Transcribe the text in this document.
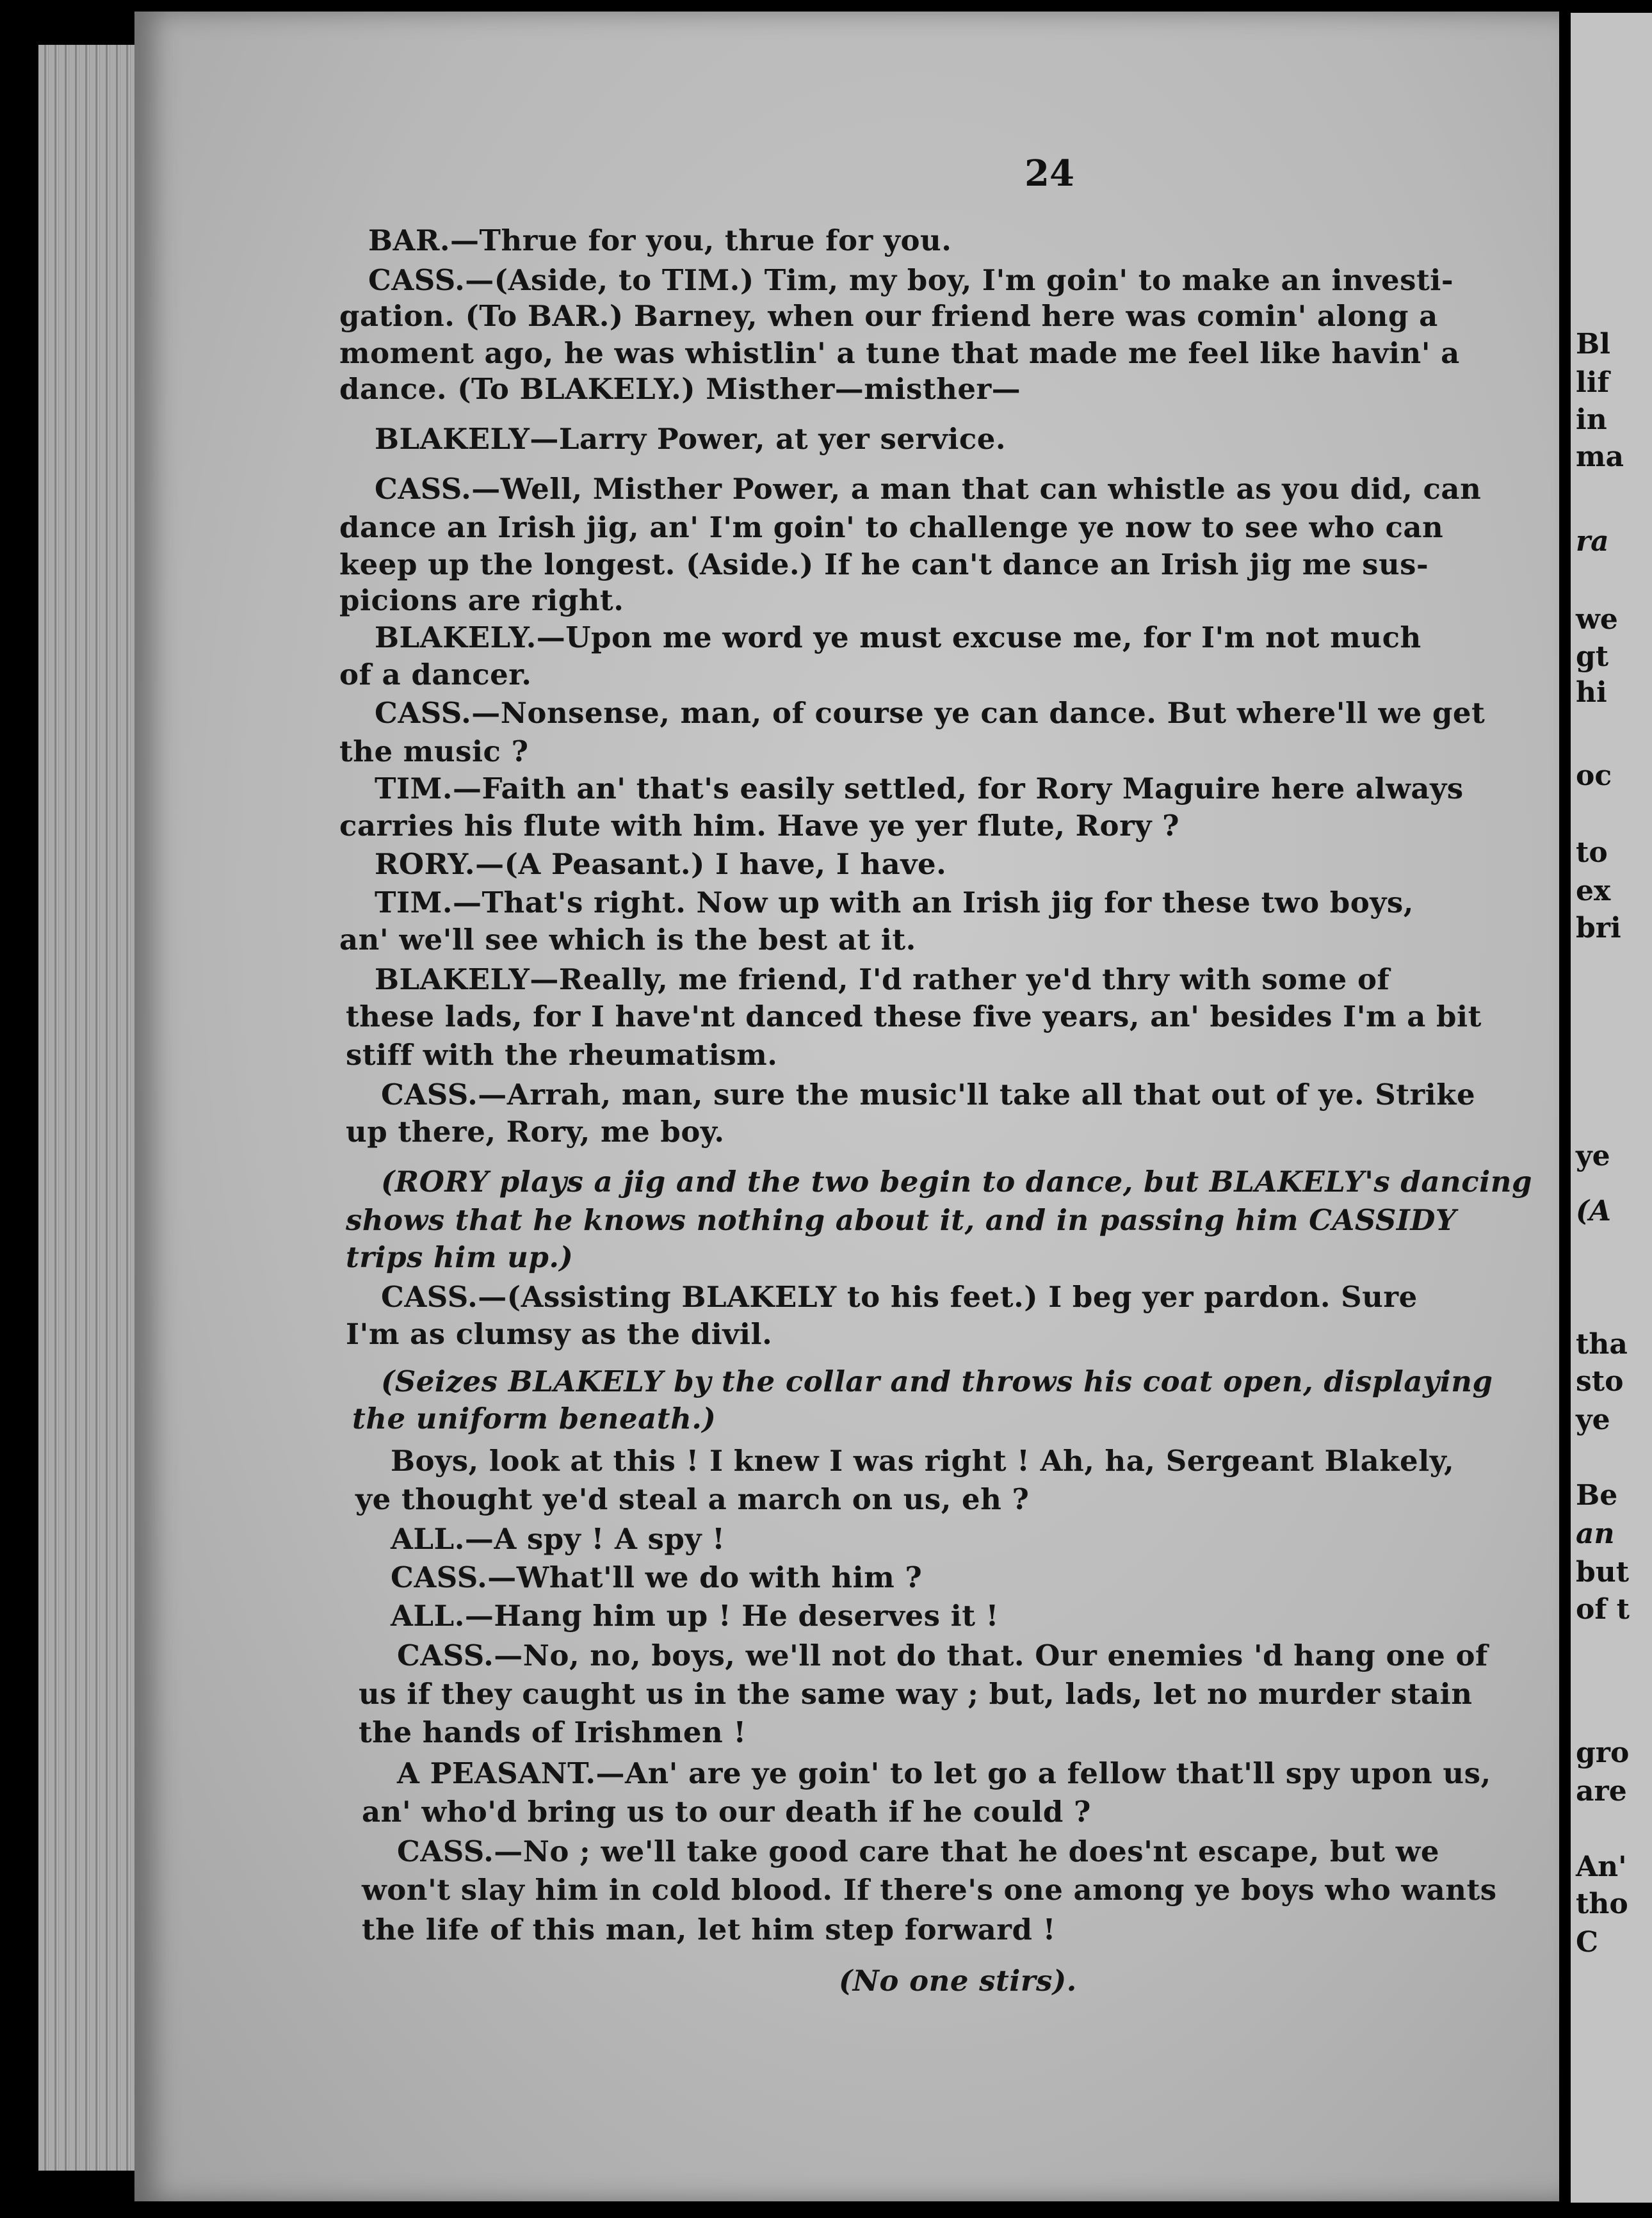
24
BAR.—Thrue for you, thrue for you.
CASS.—(Aside, to TIM.) Tim, my boy, I'm goin' to make an investi-
gation. (To BAR.) Barney, when our friend here was comin' along a
moment ago, he was whistlin' a tune that made me feel like havin' a
dance. (To BLAKELY.) Misther—misther—
BLAKELY—Larry Power, at yer service.
CASS.—Well, Misther Power, a man that can whistle as you did, can
dance an Irish jig, an' I'm goin' to challenge ye now to see who can
keep up the longest. (Aside.) If he can't dance an Irish jig me sus-
picions are right.
BLAKELY.—Upon me word ye must excuse me, for I'm not much
of a dancer.
CASS.—Nonsense, man, of course ye can dance. But where'll we get
the music ?
TIM.—Faith an' that's easily settled, for Rory Maguire here always
carries his flute with him. Have ye yer flute, Rory ?
RORY.—(A Peasant.) I have, I have.
TIM.—That's right. Now up with an Irish jig for these two boys,
an' we'll see which is the best at it.
BLAKELY—Really, me friend, I'd rather ye'd thry with some of
these lads, for I have'nt danced these five years, an' besides I'm a bit
stiff with the rheumatism.
CASS.—Arrah, man, sure the music'll take all that out of ye. Strike
up there, Rory, me boy.
(RORY plays a jig and the two begin to dance, but BLAKELY's dancing
shows that he knows nothing about it, and in passing him CASSIDY
trips him up.)
CASS.—(Assisting BLAKELY to his feet.) I beg yer pardon. Sure
I'm as clumsy as the divil.
(Seizes BLAKELY by the collar and throws his coat open, displaying
the uniform beneath.)
Boys, look at this ! I knew I was right ! Ah, ha, Sergeant Blakely,
ye thought ye'd steal a march on us, eh ?
ALL.—A spy ! A spy !
CASS.—What'll we do with him ?
ALL.—Hang him up ! He deserves it !
CASS.—No, no, boys, we'll not do that. Our enemies 'd hang one of
us if they caught us in the same way ; but, lads, let no murder stain
the hands of Irishmen !
A PEASANT.—An' are ye goin' to let go a fellow that'll spy upon us,
an' who'd bring us to our death if he could ?
CASS.—No ; we'll take good care that he does'nt escape, but we
won't slay him in cold blood. If there's one among ye boys who wants
the life of this man, let him step forward !
(No one stirs).
Bl
lif
in
ma
ra
we
gt
hi
oc
to
ex
bri
ye
(A
tha
sto
ye
Be
an
but
of t
gro
are
An'
tho
C
